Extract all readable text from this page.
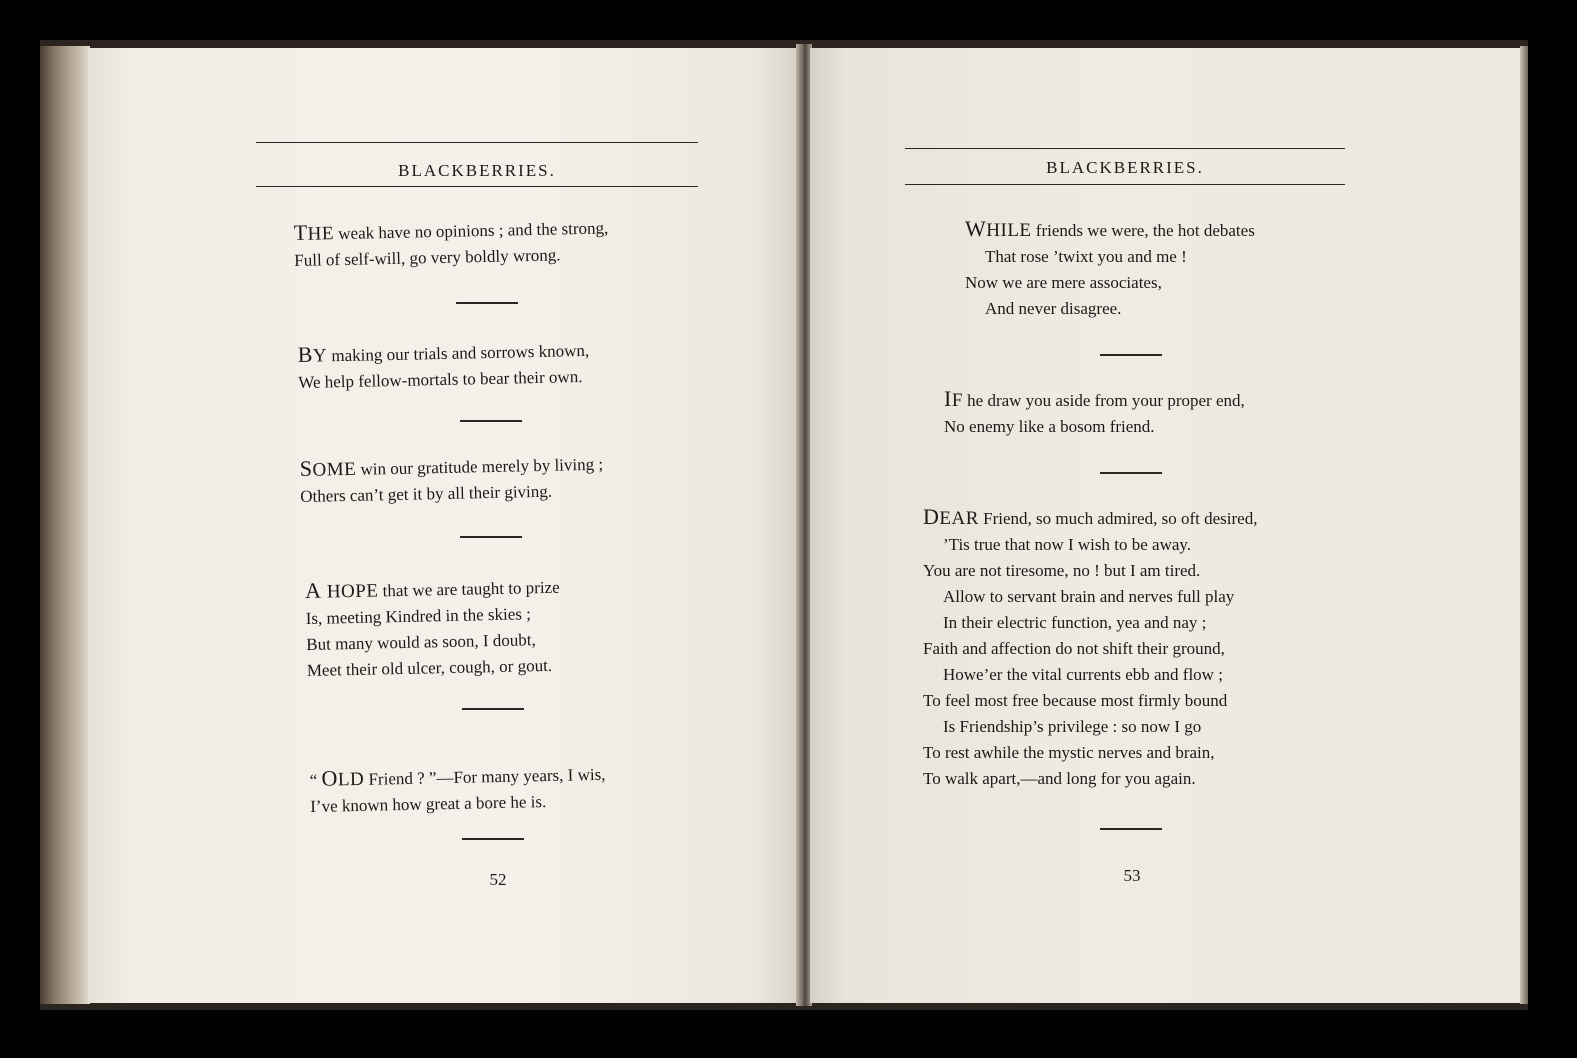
BLACKBERRIES.
THE weak have no opinions ; and the strong,
Full of self-will, go very boldly wrong.
BY making our trials and sorrows known,
We help fellow-mortals to bear their own.
SOME win our gratitude merely by living ;
Others can’t get it by all their giving.
A HOPE that we are taught to prize
Is, meeting Kindred in the skies ;
But many would as soon, I doubt,
Meet their old ulcer, cough, or gout.
“ OLD Friend ? ”—For many years, I wis,
I’ve known how great a bore he is.
52
BLACKBERRIES.
WHILE friends we were, the hot debates
That rose ’twixt you and me !
Now we are mere associates,
And never disagree.
IF he draw you aside from your proper end,
No enemy like a bosom friend.
DEAR Friend, so much admired, so oft desired,
’Tis true that now I wish to be away.
You are not tiresome, no ! but I am tired.
Allow to servant brain and nerves full play
In their electric function, yea and nay ;
Faith and affection do not shift their ground,
Howe’er the vital currents ebb and flow ;
To feel most free because most firmly bound
Is Friendship’s privilege : so now I go
To rest awhile the mystic nerves and brain,
To walk apart,—and long for you again.
53
